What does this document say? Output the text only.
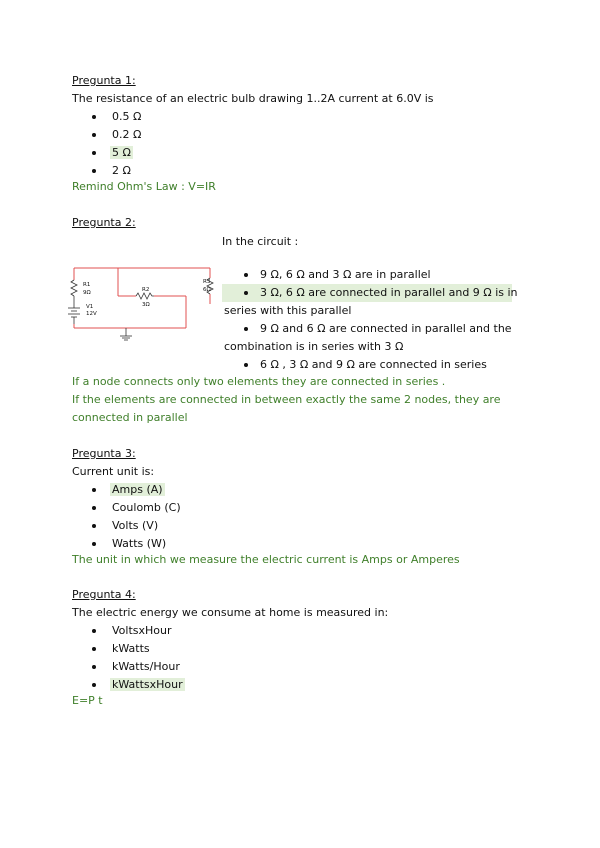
Pregunta 1:
The resistance of an electric bulb drawing 1..2A current at 6.0V is
0.5 Ω
0.2 Ω
5 Ω
2 Ω
Remind Ohm's Law : V=IR
Pregunta 2:
In the circuit :
R1
9Ω
V1
12V
R2
3Ω
R3
6Ω
9 Ω, 6 Ω and 3 Ω are in parallel
3 Ω, 6 Ω are connected in parallel and 9 Ω is in
series with this parallel
9 Ω and 6 Ω are connected in parallel and the
combination is in series with 3 Ω
6 Ω , 3 Ω and 9 Ω are connected in series
If a node connects only two elements they are connected in series .
If the elements are connected in between exactly the same 2 nodes, they are
connected in parallel
Pregunta 3:
Current unit is:
Amps (A)
Coulomb (C)
Volts (V)
Watts (W)
The unit in which we measure the electric current is Amps or Amperes
Pregunta 4:
The electric energy we consume at home is measured in:
VoltsxHour
kWatts
kWatts/Hour
kWattsxHour
E=P t
